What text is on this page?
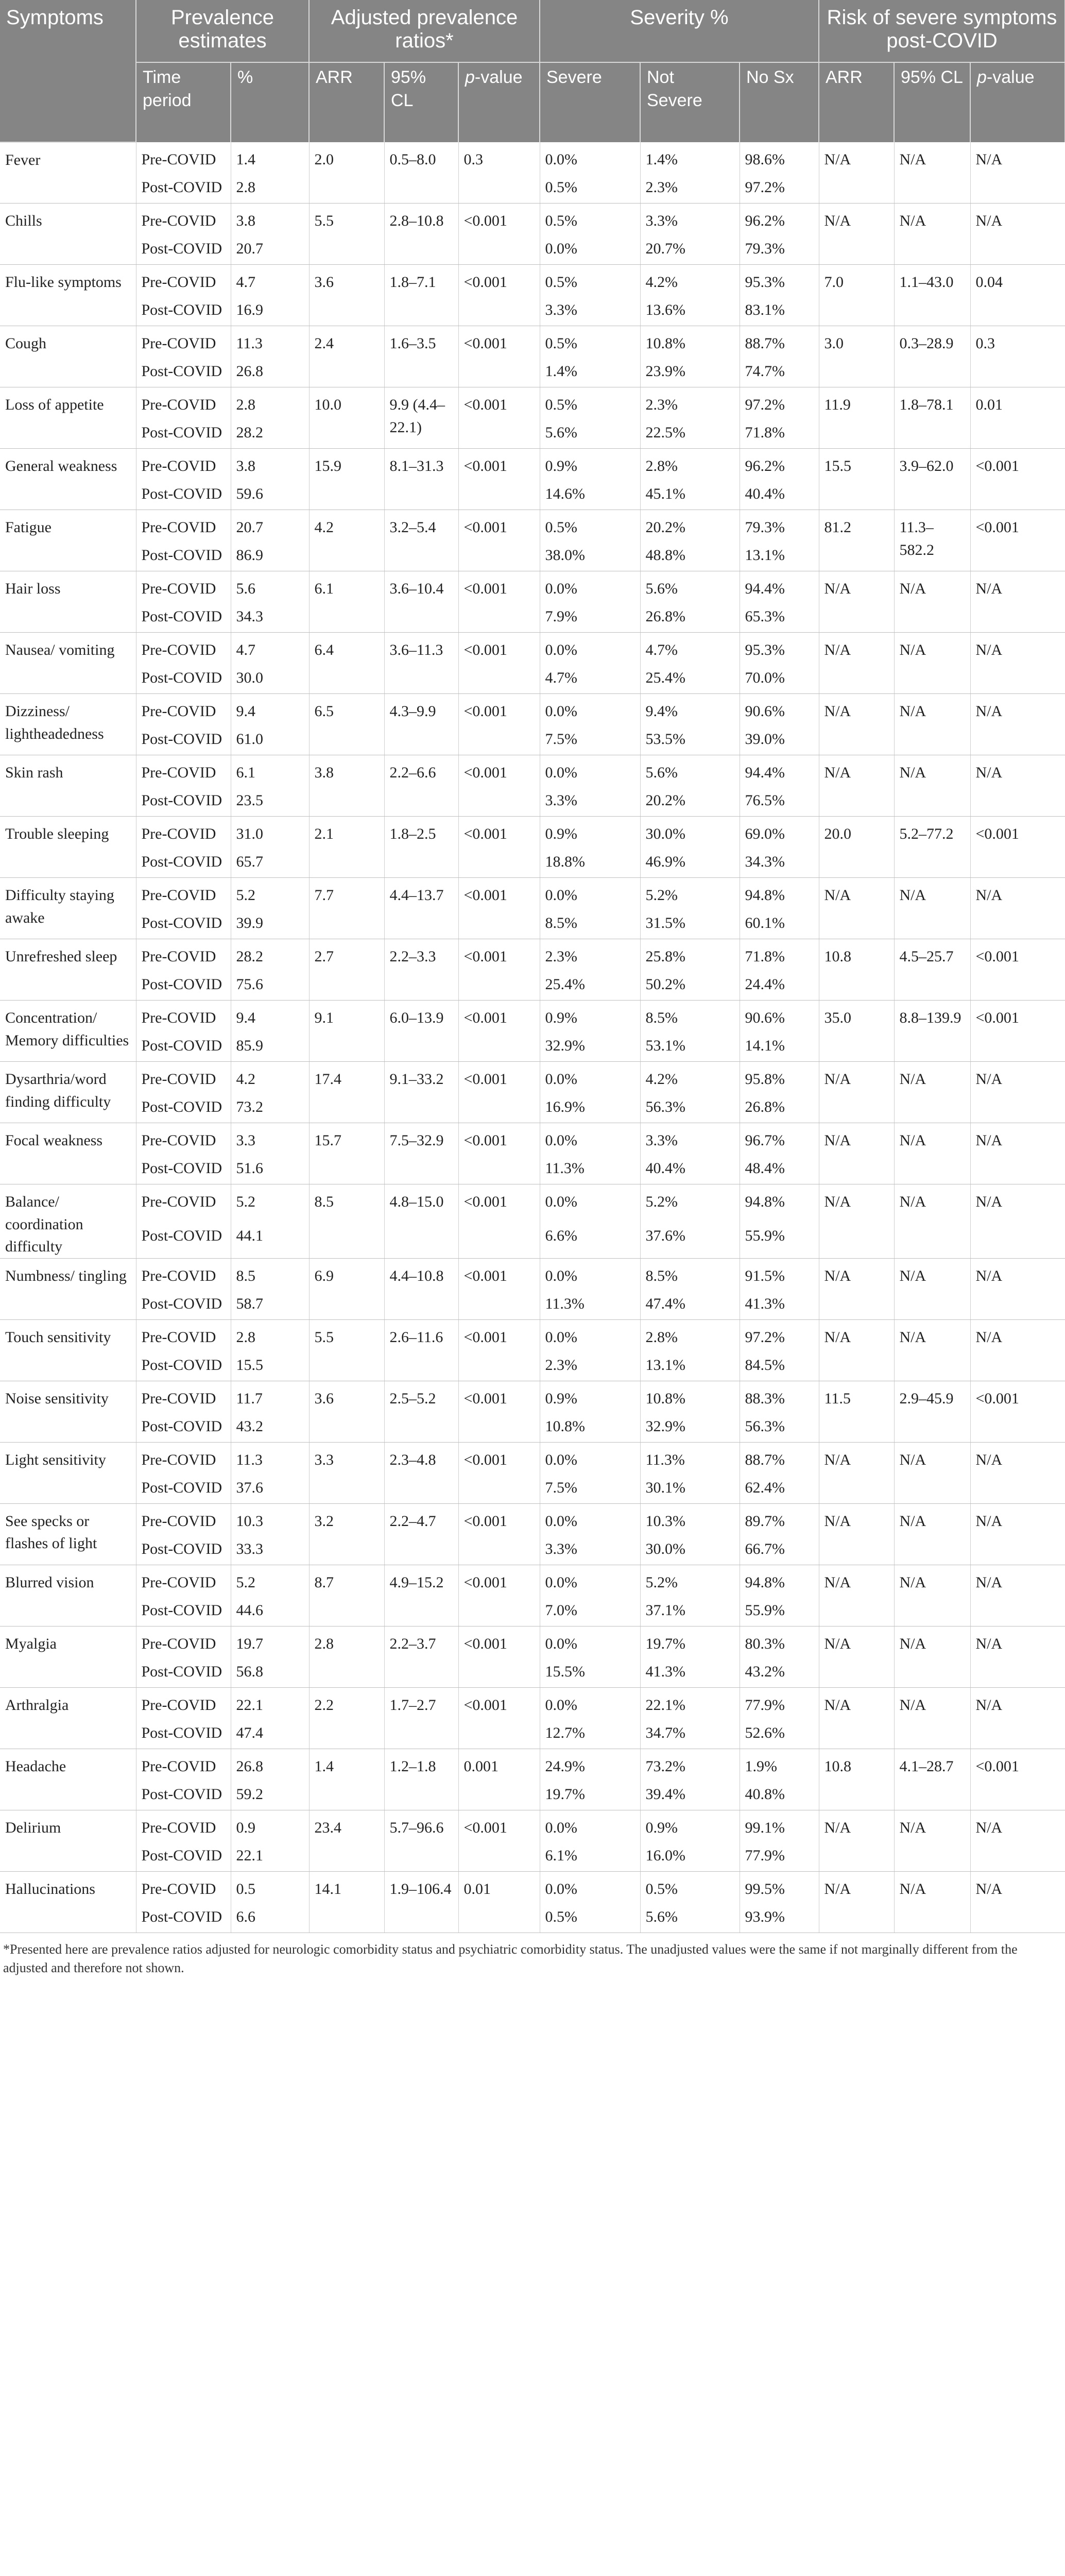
Symptoms	Prevalence estimates		Adjusted prevalence ratios*			Severity %			Risk of severe symptoms post-COVID		
	Time period	%	ARR	95% CL	p-value	Severe	Not Severe	No Sx	ARR	95% CL	p-value
Fever	Pre-COVID	1.4	2.0	0.5–8.0	0.3	0.0%	1.4%	98.6%	N/A	N/A	N/A
	Post-COVID	2.8				0.5%	2.3%	97.2%			
Chills	Pre-COVID	3.8	5.5	2.8–10.8	<0.001	0.5%	3.3%	96.2%	N/A	N/A	N/A
	Post-COVID	20.7				0.0%	20.7%	79.3%			
Flu-like symptoms	Pre-COVID	4.7	3.6	1.8–7.1	<0.001	0.5%	4.2%	95.3%	7.0	1.1–43.0	0.04
	Post-COVID	16.9				3.3%	13.6%	83.1%			
Cough	Pre-COVID	11.3	2.4	1.6–3.5	<0.001	0.5%	10.8%	88.7%	3.0	0.3–28.9	0.3
	Post-COVID	26.8				1.4%	23.9%	74.7%			
Loss of appetite	Pre-COVID	2.8	10.0	9.9 (4.4–22.1)	<0.001	0.5%	2.3%	97.2%	11.9	1.8–78.1	0.01
	Post-COVID	28.2				5.6%	22.5%	71.8%			
General weakness	Pre-COVID	3.8	15.9	8.1–31.3	<0.001	0.9%	2.8%	96.2%	15.5	3.9–62.0	<0.001
	Post-COVID	59.6				14.6%	45.1%	40.4%			
Fatigue	Pre-COVID	20.7	4.2	3.2–5.4	<0.001	0.5%	20.2%	79.3%	81.2	11.3–582.2	<0.001
	Post-COVID	86.9				38.0%	48.8%	13.1%			
Hair loss	Pre-COVID	5.6	6.1	3.6–10.4	<0.001	0.0%	5.6%	94.4%	N/A	N/A	N/A
	Post-COVID	34.3				7.9%	26.8%	65.3%			
Nausea/ vomiting	Pre-COVID	4.7	6.4	3.6–11.3	<0.001	0.0%	4.7%	95.3%	N/A	N/A	N/A
	Post-COVID	30.0				4.7%	25.4%	70.0%			
Dizziness/ lightheadedness	Pre-COVID	9.4	6.5	4.3–9.9	<0.001	0.0%	9.4%	90.6%	N/A	N/A	N/A
	Post-COVID	61.0				7.5%	53.5%	39.0%			
Skin rash	Pre-COVID	6.1	3.8	2.2–6.6	<0.001	0.0%	5.6%	94.4%	N/A	N/A	N/A
	Post-COVID	23.5				3.3%	20.2%	76.5%			
Trouble sleeping	Pre-COVID	31.0	2.1	1.8–2.5	<0.001	0.9%	30.0%	69.0%	20.0	5.2–77.2	<0.001
	Post-COVID	65.7				18.8%	46.9%	34.3%			
Difficulty staying awake	Pre-COVID	5.2	7.7	4.4–13.7	<0.001	0.0%	5.2%	94.8%	N/A	N/A	N/A
	Post-COVID	39.9				8.5%	31.5%	60.1%			
Unrefreshed sleep	Pre-COVID	28.2	2.7	2.2–3.3	<0.001	2.3%	25.8%	71.8%	10.8	4.5–25.7	<0.001
	Post-COVID	75.6				25.4%	50.2%	24.4%			
Concentration/ Memory difficulties	Pre-COVID	9.4	9.1	6.0–13.9	<0.001	0.9%	8.5%	90.6%	35.0	8.8–139.9	<0.001
	Post-COVID	85.9				32.9%	53.1%	14.1%			
Dysarthria/word finding difficulty	Pre-COVID	4.2	17.4	9.1–33.2	<0.001	0.0%	4.2%	95.8%	N/A	N/A	N/A
	Post-COVID	73.2				16.9%	56.3%	26.8%			
Focal weakness	Pre-COVID	3.3	15.7	7.5–32.9	<0.001	0.0%	3.3%	96.7%	N/A	N/A	N/A
	Post-COVID	51.6				11.3%	40.4%	48.4%			
Balance/ coordination difficulty	Pre-COVID	5.2	8.5	4.8–15.0	<0.001	0.0%	5.2%	94.8%	N/A	N/A	N/A
	Post-COVID	44.1				6.6%	37.6%	55.9%			
Numbness/ tingling	Pre-COVID	8.5	6.9	4.4–10.8	<0.001	0.0%	8.5%	91.5%	N/A	N/A	N/A
	Post-COVID	58.7				11.3%	47.4%	41.3%			
Touch sensitivity	Pre-COVID	2.8	5.5	2.6–11.6	<0.001	0.0%	2.8%	97.2%	N/A	N/A	N/A
	Post-COVID	15.5				2.3%	13.1%	84.5%			
Noise sensitivity	Pre-COVID	11.7	3.6	2.5–5.2	<0.001	0.9%	10.8%	88.3%	11.5	2.9–45.9	<0.001
	Post-COVID	43.2				10.8%	32.9%	56.3%			
Light sensitivity	Pre-COVID	11.3	3.3	2.3–4.8	<0.001	0.0%	11.3%	88.7%	N/A	N/A	N/A
	Post-COVID	37.6				7.5%	30.1%	62.4%			
See specks or flashes of light	Pre-COVID	10.3	3.2	2.2–4.7	<0.001	0.0%	10.3%	89.7%	N/A	N/A	N/A
	Post-COVID	33.3				3.3%	30.0%	66.7%			
Blurred vision	Pre-COVID	5.2	8.7	4.9–15.2	<0.001	0.0%	5.2%	94.8%	N/A	N/A	N/A
	Post-COVID	44.6				7.0%	37.1%	55.9%			
Myalgia	Pre-COVID	19.7	2.8	2.2–3.7	<0.001	0.0%	19.7%	80.3%	N/A	N/A	N/A
	Post-COVID	56.8				15.5%	41.3%	43.2%			
Arthralgia	Pre-COVID	22.1	2.2	1.7–2.7	<0.001	0.0%	22.1%	77.9%	N/A	N/A	N/A
	Post-COVID	47.4				12.7%	34.7%	52.6%			
Headache	Pre-COVID	26.8	1.4	1.2–1.8	0.001	24.9%	73.2%	1.9%	10.8	4.1–28.7	<0.001
	Post-COVID	59.2				19.7%	39.4%	40.8%			
Delirium	Pre-COVID	0.9	23.4	5.7–96.6	<0.001	0.0%	0.9%	99.1%	N/A	N/A	N/A
	Post-COVID	22.1				6.1%	16.0%	77.9%			
Hallucinations	Pre-COVID	0.5	14.1	1.9–106.4	0.01	0.0%	0.5%	99.5%	N/A	N/A	N/A
	Post-COVID	6.6				0.5%	5.6%	93.9%			
*Presented here are prevalence ratios adjusted for neurologic comorbidity status and psychiatric comorbidity status. The unadjusted values were the same if not marginally different from the adjusted and therefore not shown.
